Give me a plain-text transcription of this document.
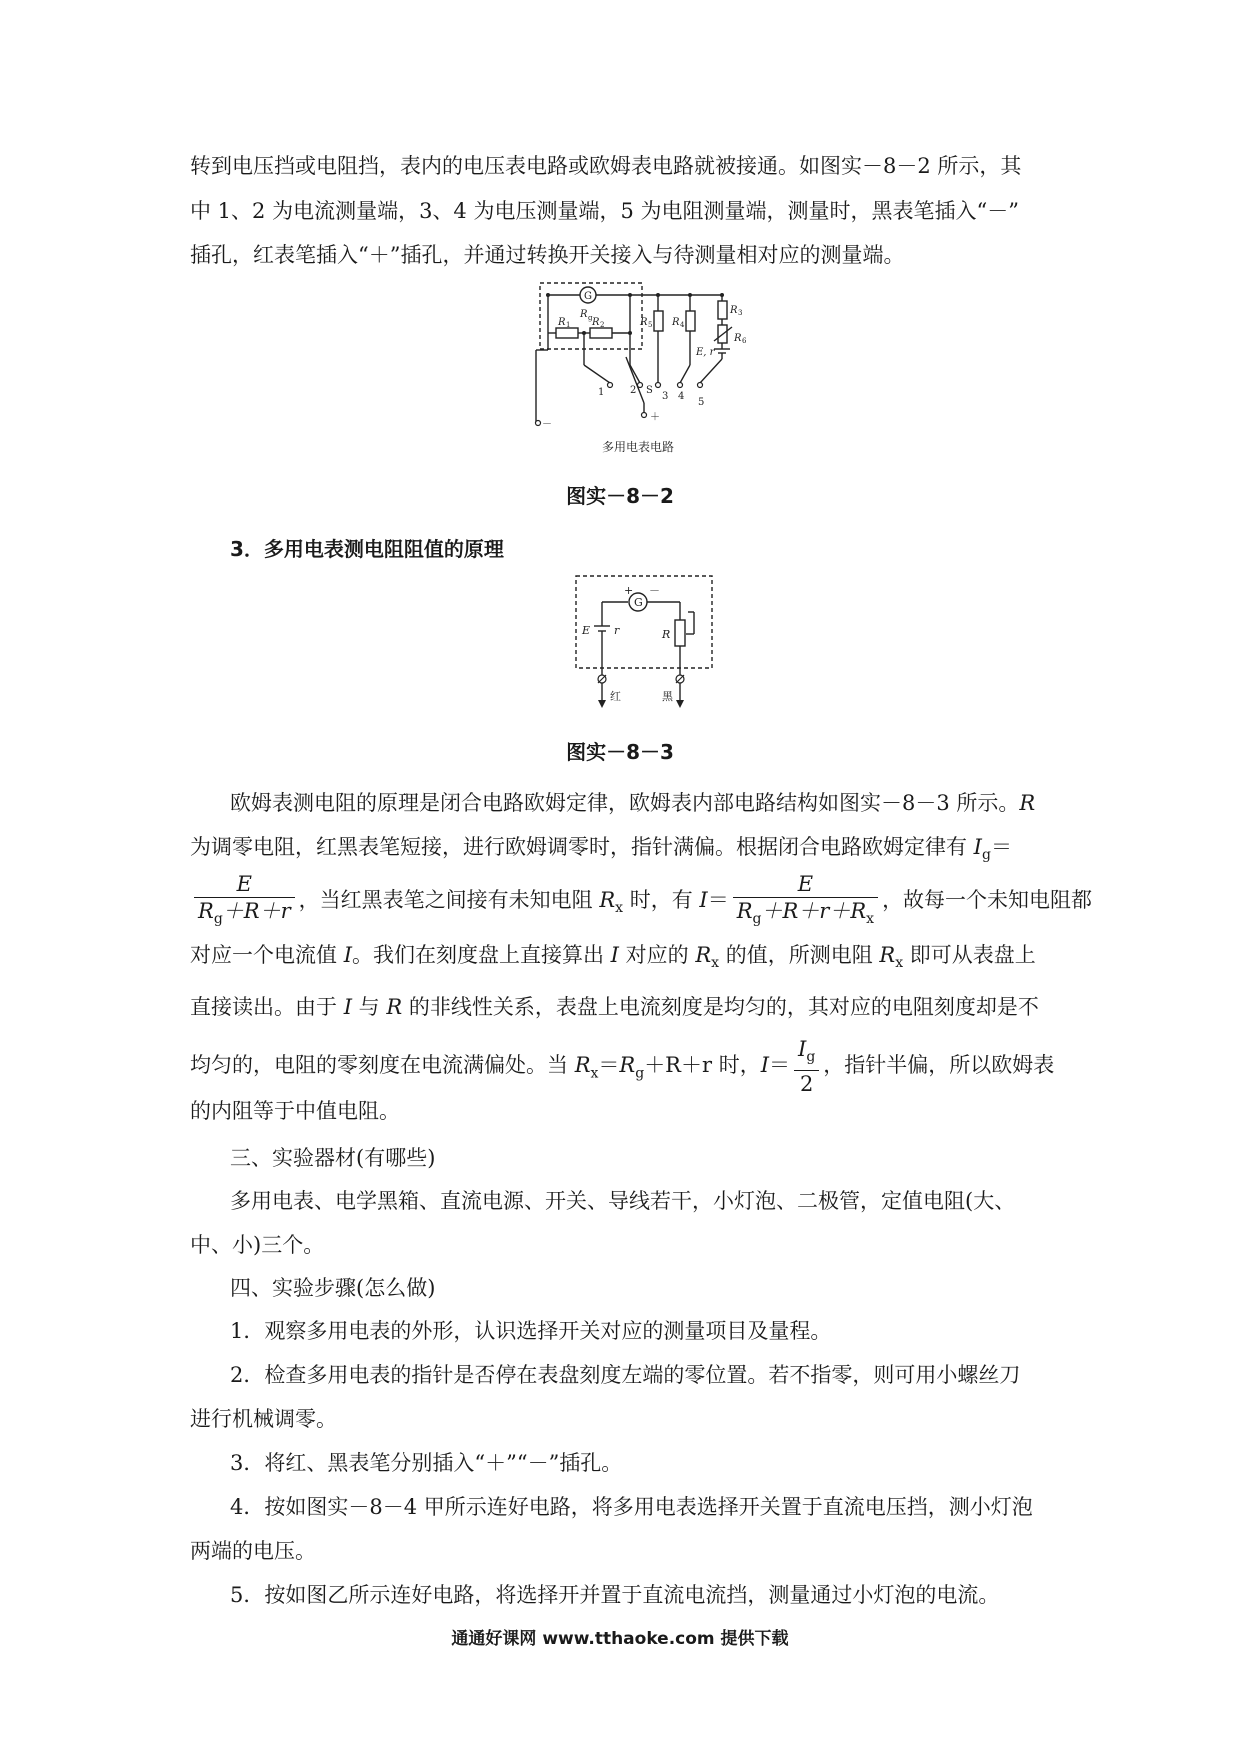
转到电压挡或电阻挡，表内的电压表电路或欧姆表电路就被接通。如图实－8－2 所示，其
中 1、2 为电流测量端，3、4 为电压测量端，5 为电阻测量端，测量时，黑表笔插入“－”
插孔，红表笔插入“＋”插孔，并通过转换开关接入与待测量相对应的测量端。
G
R g
R 1 R 2	R 5 R 4
R 3
R 6
E, r
1	2 S
3 4
5
－
＋
多用电表电路
图实－8－2
3．多用电表测电阻阻值的原理
+
G
－
E r	R
红	黑
图实－8－3
欧姆表测电阻的原理是闭合电路欧姆定律，欧姆表内部电路结构如图实－8－3 所示。R
为调零电阻，红黑表笔短接，进行欧姆调零时，指针满偏。根据闭合电路欧姆定律有 $I_g=$
$\frac{E}{R_g+R+r}$ ，当红黑表笔之间接有未知电阻 $R_x$ 时，有 $I= \frac{E}{R_g+R+r+R_x}$ ，故每一个未知电阻都
对应一个电流值 I。我们在刻度盘上直接算出 I 对应的 $R_x$ 的值，所测电阻 $R_x$ 即可从表盘上
直接读出。由于 I 与 R 的非线性关系，表盘上电流刻度是均匀的，其对应的电阻刻度却是不
均匀的，电阻的零刻度在电流满偏处。当 $R_x=R_g+R+r$ 时，$I= \frac{I_g}{2}$ ，指针半偏，所以欧姆表
的内阻等于中值电阻。
三、实验器材(有哪些)
多用电表、电学黑箱、直流电源、开关、导线若干，小灯泡、二极管，定值电阻(大、
中、小)三个。
四、实验步骤(怎么做)
1．观察多用电表的外形，认识选择开关对应的测量项目及量程。
2．检查多用电表的指针是否停在表盘刻度左端的零位置。若不指零，则可用小螺丝刀
进行机械调零。
3．将红、黑表笔分别插入“＋”“－”插孔。
4．按如图实－8－4 甲所示连好电路，将多用电表选择开关置于直流电压挡，测小灯泡
两端的电压。
5．按如图乙所示连好电路，将选择开并置于直流电流挡，测量通过小灯泡的电流。
通通好课网 www.tthaoke.com 提供下载
